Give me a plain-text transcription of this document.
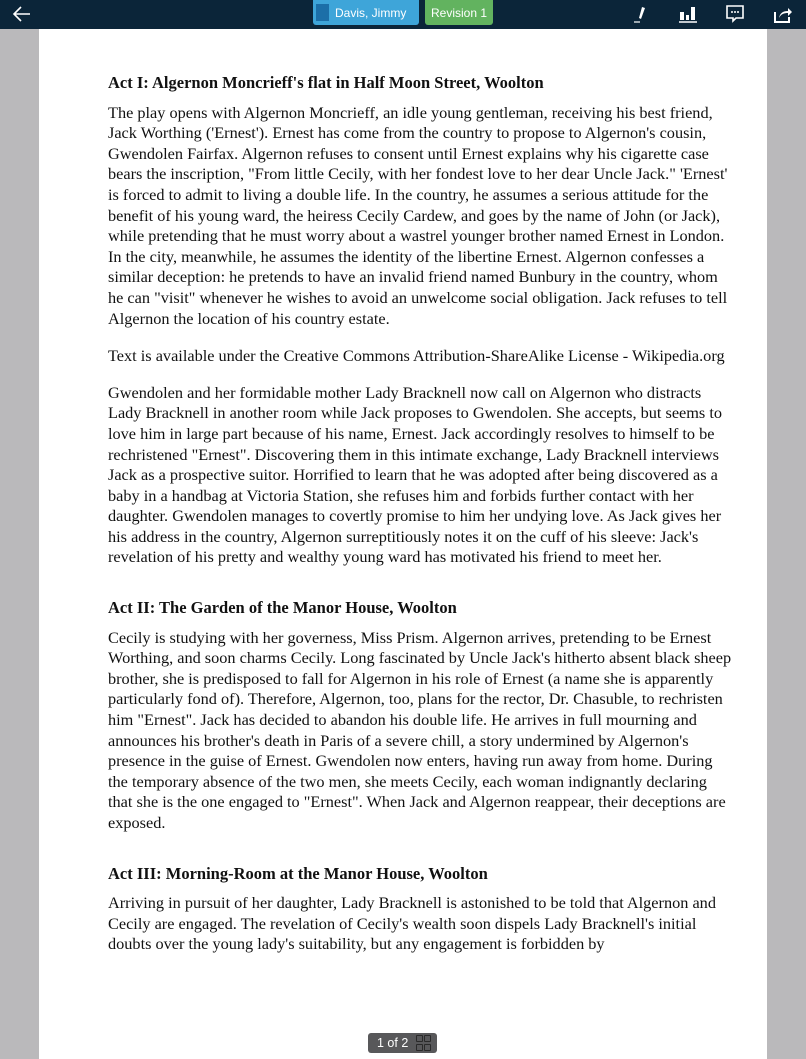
Davis, Jimmy Revision 1
Act I: Algernon Moncrieff's flat in Half Moon Street, Woolton

The play opens with Algernon Moncrieff, an idle young gentleman, receiving his best friend, Jack Worthing ('Ernest'). Ernest has come from the country to propose to Algernon's cousin, Gwendolen Fairfax. Algernon refuses to consent until Ernest explains why his cigarette case bears the inscription, "From little Cecily, with her fondest love to her dear Uncle Jack." 'Ernest' is forced to admit to living a double life. In the country, he assumes a serious attitude for the benefit of his young ward, the heiress Cecily Cardew, and goes by the name of John (or Jack), while pretending that he must worry about a wastrel younger brother named Ernest in London. In the city, meanwhile, he assumes the identity of the libertine Ernest. Algernon confesses a similar deception: he pretends to have an invalid friend named Bunbury in the country, whom he can "visit" whenever he wishes to avoid an unwelcome social obligation. Jack refuses to tell Algernon the location of his country estate.

Text is available under the Creative Commons Attribution-ShareAlike License - Wikipedia.org

Gwendolen and her formidable mother Lady Bracknell now call on Algernon who distracts Lady Bracknell in another room while Jack proposes to Gwendolen. She accepts, but seems to love him in large part because of his name, Ernest. Jack accordingly resolves to himself to be rechristened "Ernest". Discovering them in this intimate exchange, Lady Bracknell interviews Jack as a prospective suitor. Horrified to learn that he was adopted after being discovered as a baby in a handbag at Victoria Station, she refuses him and forbids further contact with her daughter. Gwendolen manages to covertly promise to him her undying love. As Jack gives her his address in the country, Algernon surreptitiously notes it on the cuff of his sleeve: Jack's revelation of his pretty and wealthy young ward has motivated his friend to meet her.

Act II: The Garden of the Manor House, Woolton

Cecily is studying with her governess, Miss Prism. Algernon arrives, pretending to be Ernest Worthing, and soon charms Cecily. Long fascinated by Uncle Jack's hitherto absent black sheep brother, she is predisposed to fall for Algernon in his role of Ernest (a name she is apparently particularly fond of). Therefore, Algernon, too, plans for the rector, Dr. Chasuble, to rechristen him "Ernest". Jack has decided to abandon his double life. He arrives in full mourning and announces his brother's death in Paris of a severe chill, a story undermined by Algernon's presence in the guise of Ernest. Gwendolen now enters, having run away from home. During the temporary absence of the two men, she meets Cecily, each woman indignantly declaring that she is the one engaged to "Ernest". When Jack and Algernon reappear, their deceptions are exposed.

Act III: Morning-Room at the Manor House, Woolton

Arriving in pursuit of her daughter, Lady Bracknell is astonished to be told that Algernon and Cecily are engaged. The revelation of Cecily's wealth soon dispels Lady Bracknell's initial doubts over the young lady's suitability, but any engagement is forbidden by

1 of 2
